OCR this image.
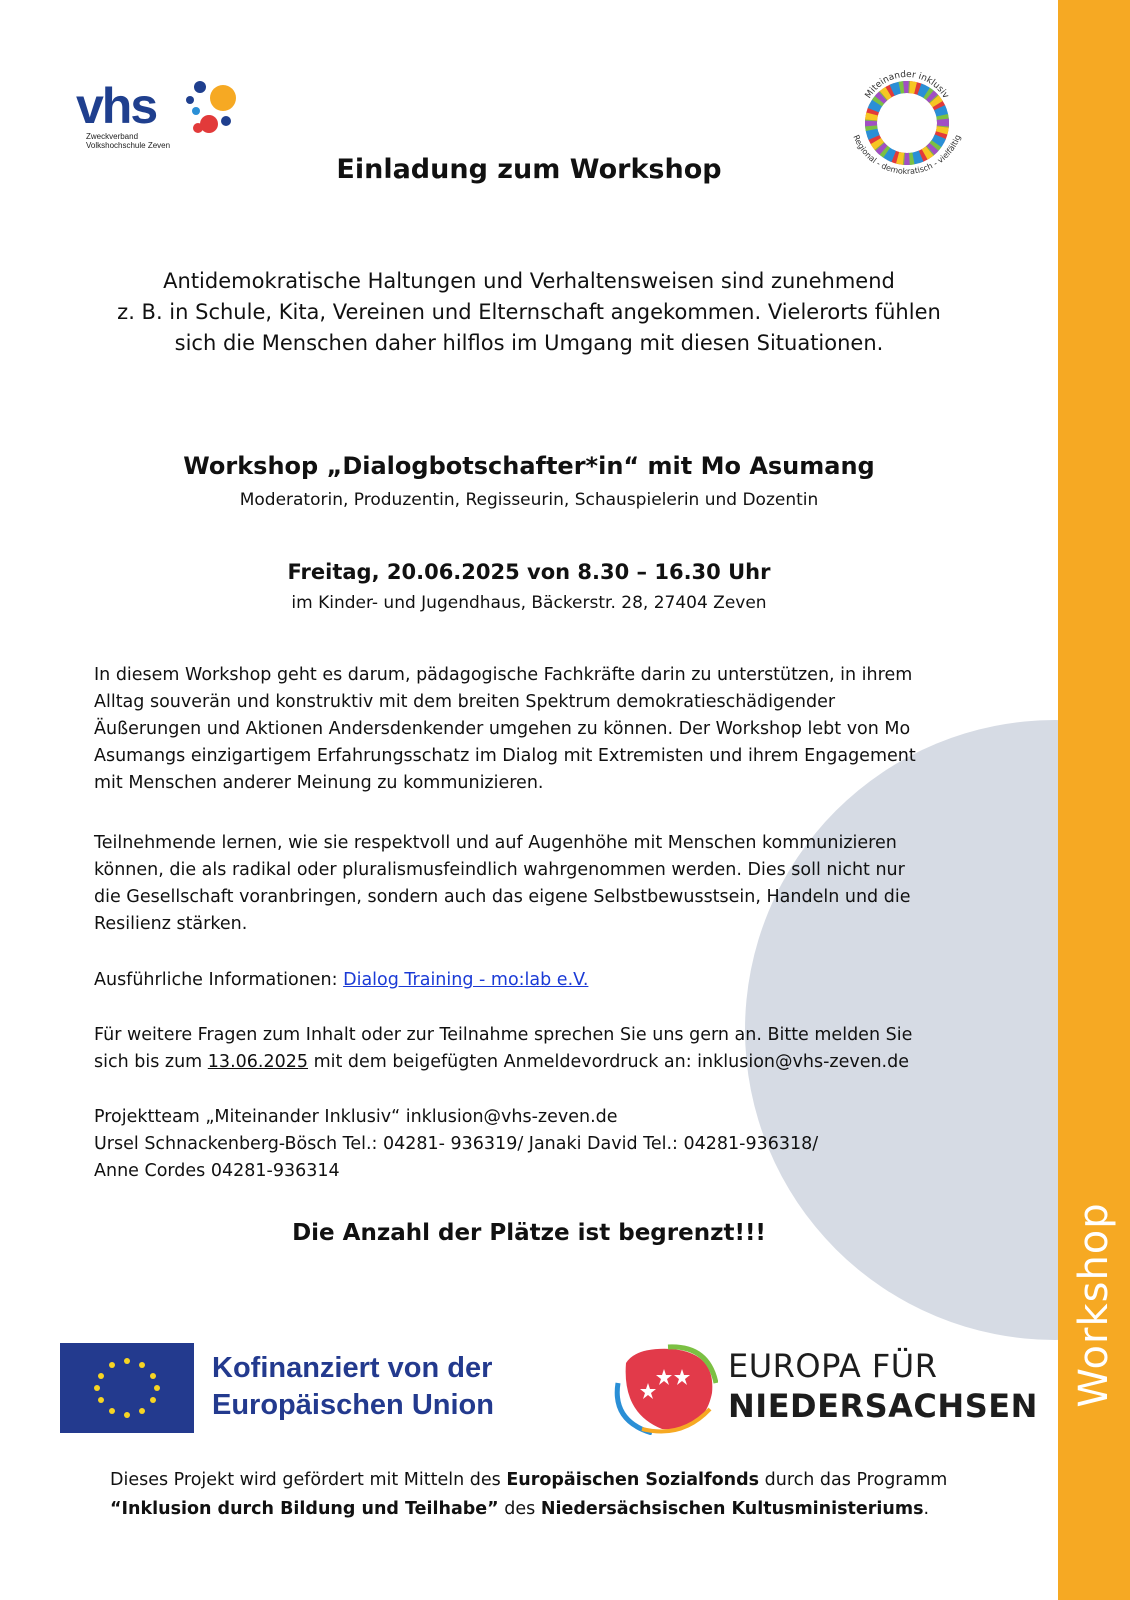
Workshop
vhs
Zweckverband
Volkshochschule Zeven
Miteinander inklusiv
Regional - demokratisch - vielfältig
Einladung zum Workshop
Antidemokratische Haltungen und Verhaltensweisen sind zunehmend
z. B. in Schule, Kita, Vereinen und Elternschaft angekommen. Vielerorts fühlen
sich die Menschen daher hilflos im Umgang mit diesen Situationen.
Workshop „Dialogbotschafter*in“ mit Mo Asumang
Moderatorin, Produzentin, Regisseurin, Schauspielerin und Dozentin
Freitag, 20.06.2025 von 8.30 – 16.30 Uhr
im Kinder- und Jugendhaus, Bäckerstr. 28, 27404 Zeven
In diesem Workshop geht es darum, pädagogische Fachkräfte darin zu unterstützen, in ihrem
Alltag souverän und konstruktiv mit dem breiten Spektrum demokratieschädigender
Äußerungen und Aktionen Andersdenkender umgehen zu können. Der Workshop lebt von Mo
Asumangs einzigartigem Erfahrungsschatz im Dialog mit Extremisten und ihrem Engagement
mit Menschen anderer Meinung zu kommunizieren.
Teilnehmende lernen, wie sie respektvoll und auf Augenhöhe mit Menschen kommunizieren
können, die als radikal oder pluralismusfeindlich wahrgenommen werden. Dies soll nicht nur
die Gesellschaft voranbringen, sondern auch das eigene Selbstbewusstsein, Handeln und die
Resilienz stärken.
Ausführliche Informationen: Dialog Training - mo:lab e.V.
Für weitere Fragen zum Inhalt oder zur Teilnahme sprechen Sie uns gern an. Bitte melden Sie
sich bis zum 13.06.2025 mit dem beigefügten Anmeldevordruck an: inklusion@vhs-zeven.de
Projektteam „Miteinander Inklusiv“ inklusion@vhs-zeven.de
Ursel Schnackenberg-Bösch Tel.: 04281- 936319/ Janaki David Tel.: 04281-936318/
Anne Cordes 04281-936314
Die Anzahl der Plätze ist begrenzt!!!
Kofinanziert von der
Europäischen Union
EUROPA FÜR
NIEDERSACHSEN
Dieses Projekt wird gefördert mit Mitteln des Europäischen Sozialfonds durch das Programm
“Inklusion durch Bildung und Teilhabe” des Niedersächsischen Kultusministeriums.
